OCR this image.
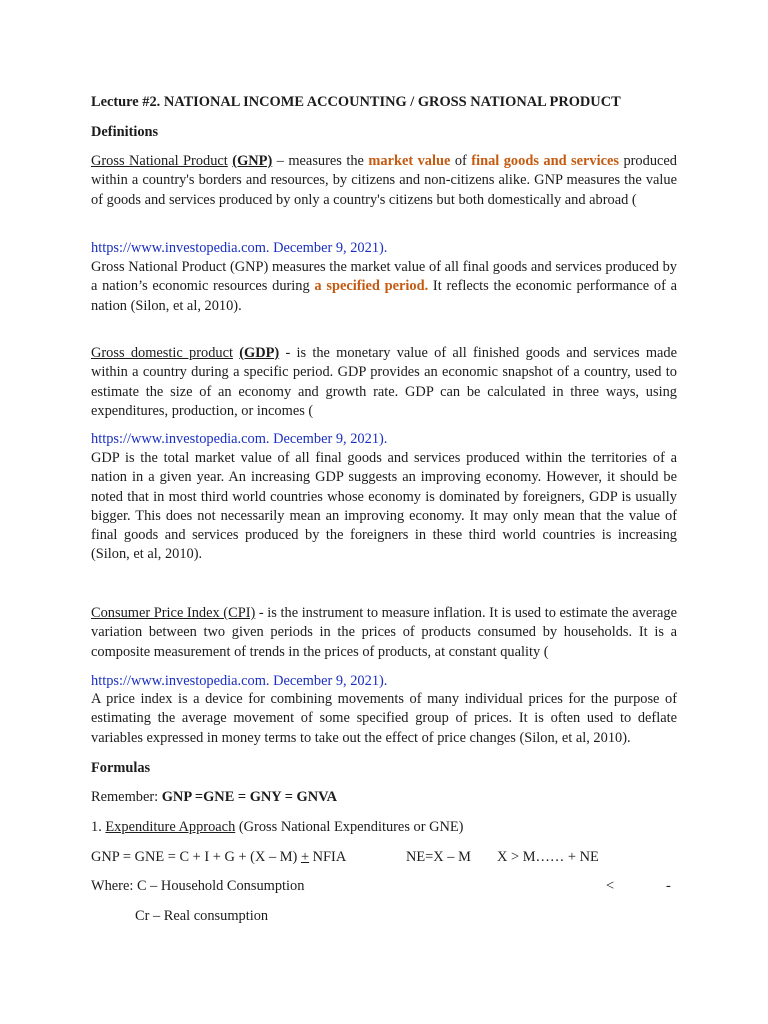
Lecture #2. NATIONAL INCOME ACCOUNTING / GROSS NATIONAL PRODUCT
Definitions
Gross National Product (GNP) – measures the market value of final goods and services produced within a country's borders and resources, by citizens and non-citizens alike. GNP measures the value of goods and services produced by only a country's citizens but both domestically and abroad (
https://www.investopedia.com. December 9, 2021).
Gross National Product (GNP) measures the market value of all final goods and services produced by a nation’s economic resources during a specified period. It reflects the economic performance of a nation (Silon, et al, 2010).
Gross domestic product (GDP) - is the monetary value of all finished goods and services made within a country during a specific period. GDP provides an economic snapshot of a country, used to estimate the size of an economy and growth rate. GDP can be calculated in three ways, using expenditures, production, or incomes (
https://www.investopedia.com. December 9, 2021).
GDP is the total market value of all final goods and services produced within the territories of a nation in a given year. An increasing GDP suggests an improving economy. However, it should be noted that in most third world countries whose economy is dominated by foreigners, GDP is usually bigger. This does not necessarily mean an improving economy. It may only mean that the value of final goods and services produced by the foreigners in these third world countries is increasing (Silon, et al, 2010).
Consumer Price Index (CPI) - is the instrument to measure inflation. It is used to estimate the average variation between two given periods in the prices of products consumed by households. It is a composite measurement of trends in the prices of products, at constant quality (
https://www.investopedia.com. December 9, 2021).
A price index is a device for combining movements of many individual prices for the purpose of estimating the average movement of some specified group of prices. It is often used to deflate variables expressed in money terms to take out the effect of price changes (Silon, et al, 2010).
Formulas
Remember: GNP =GNE = GNY = GNVA
1. Expenditure Approach (Gross National Expenditures or GNE)
GNP = GNE = C + I + G + (X – M) + NFIA	NE=X – M X > M…… + NE
Where: C – Household Consumption	<	-
Cr – Real consumption
